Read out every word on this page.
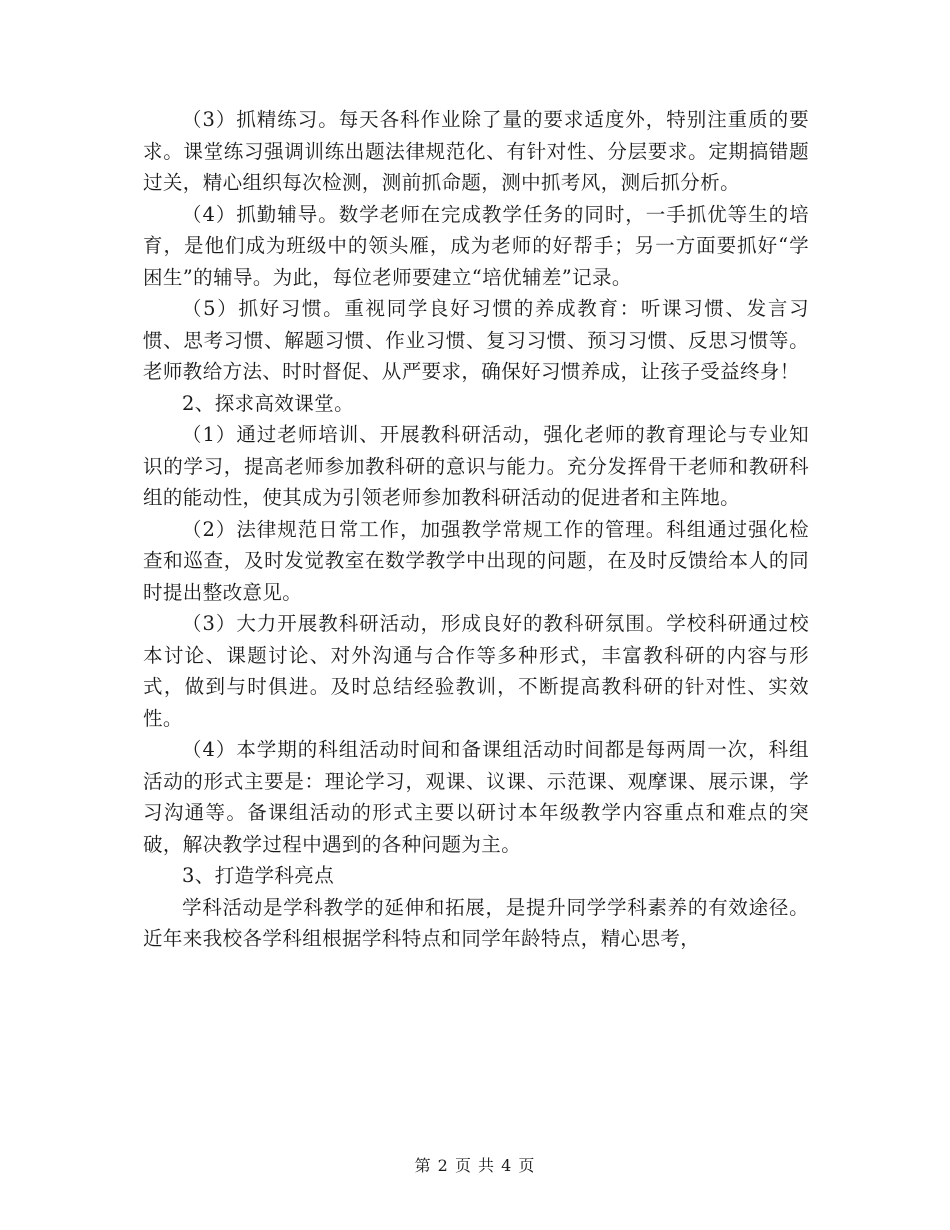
（3）抓精练习。每天各科作业除了量的要求适度外，特别注重质的要求。课堂练习强调训练出题法律规范化、有针对性、分层要求。定期搞错题过关，精心组织每次检测，测前抓命题，测中抓考风，测后抓分析。

（4）抓勤辅导。数学老师在完成教学任务的同时，一手抓优等生的培育，是他们成为班级中的领头雁，成为老师的好帮手；另一方面要抓好“学困生”的辅导。为此，每位老师要建立“培优辅差”记录。

（5）抓好习惯。重视同学良好习惯的养成教育：听课习惯、发言习惯、思考习惯、解题习惯、作业习惯、复习习惯、预习习惯、反思习惯等。老师教给方法、时时督促、从严要求，确保好习惯养成，让孩子受益终身！

2、探求高效课堂。

（1）通过老师培训、开展教科研活动，强化老师的教育理论与专业知识的学习，提高老师参加教科研的意识与能力。充分发挥骨干老师和教研科组的能动性，使其成为引领老师参加教科研活动的促进者和主阵地。

（2）法律规范日常工作，加强教学常规工作的管理。科组通过强化检查和巡查，及时发觉教室在数学教学中出现的问题，在及时反馈给本人的同时提出整改意见。

（3）大力开展教科研活动，形成良好的教科研氛围。学校科研通过校本讨论、课题讨论、对外沟通与合作等多种形式，丰富教科研的内容与形式，做到与时俱进。及时总结经验教训，不断提高教科研的针对性、实效性。

（4）本学期的科组活动时间和备课组活动时间都是每两周一次，科组活动的形式主要是：理论学习，观课、议课、示范课、观摩课、展示课，学习沟通等。备课组活动的形式主要以研讨本年级教学内容重点和难点的突破，解决教学过程中遇到的各种问题为主。

3、打造学科亮点

学科活动是学科教学的延伸和拓展，是提升同学学科素养的有效途径。近年来我校各学科组根据学科特点和同学年龄特点，精心思考，

第 2 页 共 4 页
